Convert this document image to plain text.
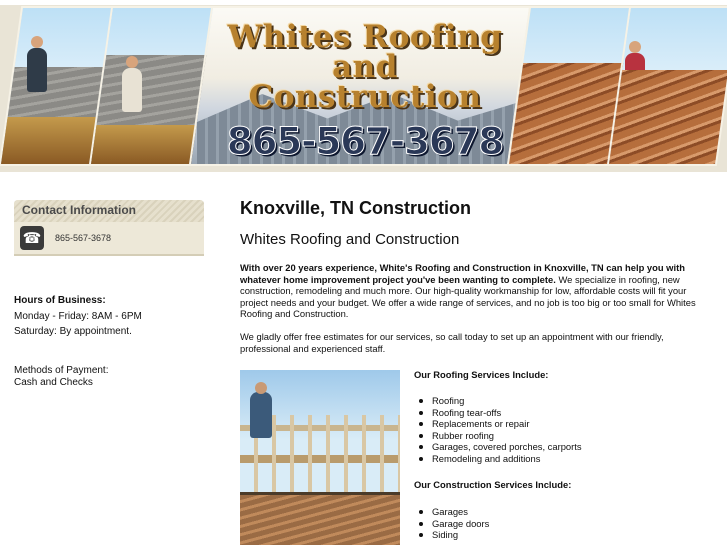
Whites Roofing
and Construction
865-567-3678
Contact Information
☎ 865-567-3678
Hours of Business:
Monday - Friday: 8AM - 6PM
Saturday: By appointment.
Methods of Payment:
Cash and Checks
Knoxville, TN Construction
Whites Roofing and Construction

With over 20 years experience, White's Roofing and Construction in Knoxville, TN can help you with whatever home improvement project you've been wanting to complete. We specialize in roofing, new construction, remodeling and much more. Our high-quality workmanship for low, affordable costs will fit your project needs and your budget. We offer a wide range of services, and no job is too big or too small for Whites Roofing and Construction.

We gladly offer free estimates for our services, so call today to set up an appointment with our friendly, professional and experienced staff.

Our Roofing Services Include:
Roofing
Roofing tear-offs
Replacements or repair
Rubber roofing
Garages, covered porches, carports
Remodeling and additions
Our Construction Services Include:
Garages
Garage doors
Siding
